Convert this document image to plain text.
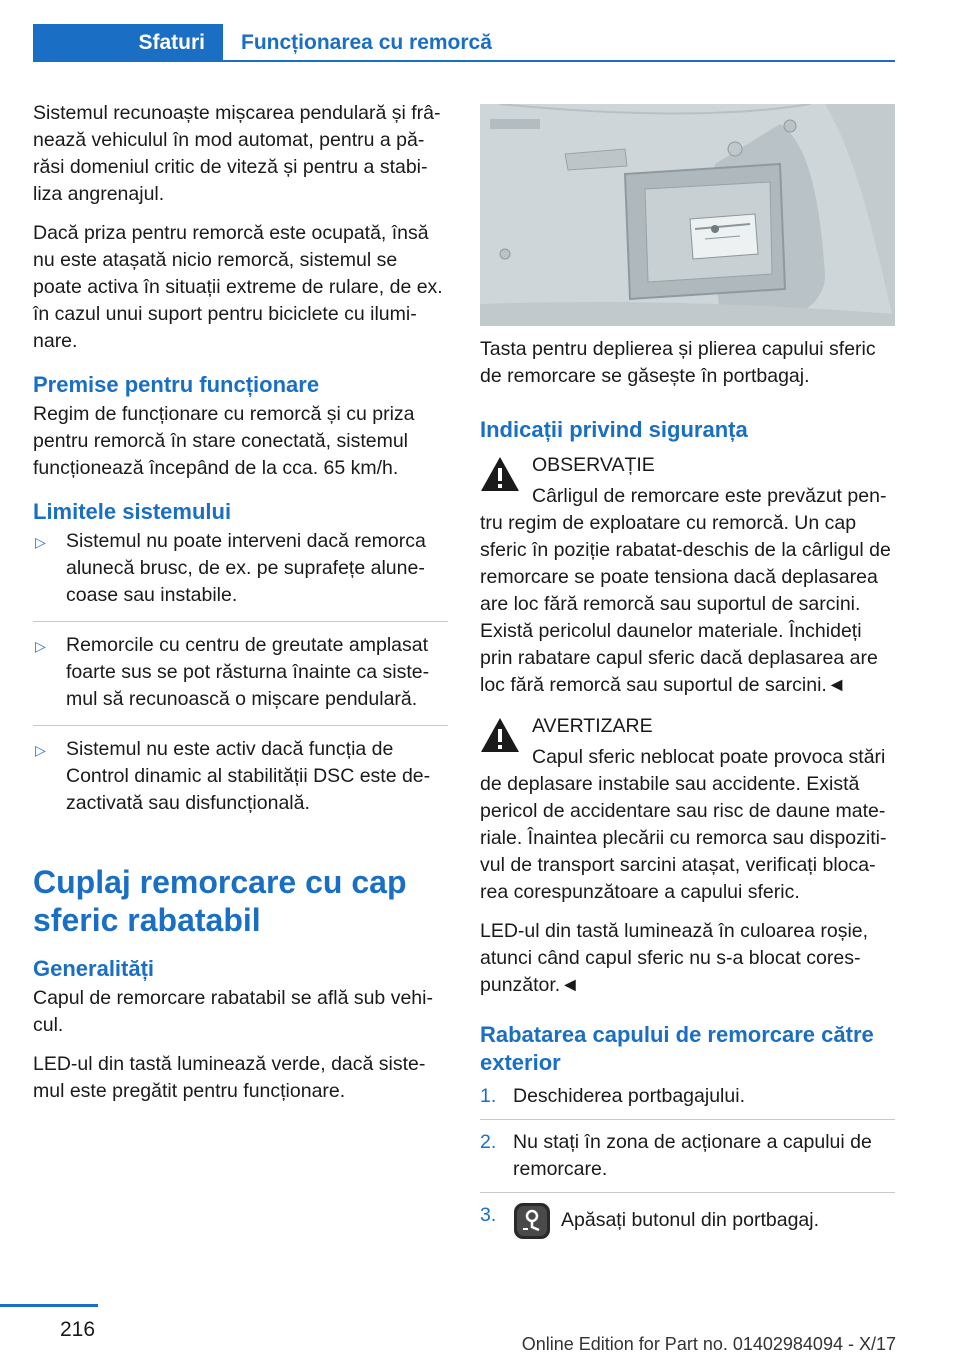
Sfaturi	Funcționarea cu remorcă

Sistemul recunoaște mișcarea pendulară și frânează vehiculul în mod automat, pentru a părăsi domeniul critic de viteză și pentru a stabiliza angrenajul.

Dacă priza pentru remorcă este ocupată, însă nu este atașată nicio remorcă, sistemul se poate activa în situații extreme de rulare, de ex. în cazul unui suport pentru biciclete cu iluminare.

Premise pentru funcționare

Regim de funcționare cu remorcă și cu priza pentru remorcă în stare conectată, sistemul funcționează începând de la cca. 65 km/h.

Limitele sistemului
▷ Sistemul nu poate interveni dacă remorca alunecă brusc, de ex. pe suprafețe alunecoase sau instabile.
▷ Remorcile cu centru de greutate amplasat foarte sus se pot răsturna înainte ca sistemul să recunoască o mișcare pendulară.
▷ Sistemul nu este activ dacă funcția de Control dinamic al stabilității DSC este dezactivată sau disfuncțională.
Cuplaj remorcare cu cap sferic rabatabil
Generalități

Capul de remorcare rabatabil se află sub vehicul.

LED-ul din tastă luminează verde, dacă sistemul este pregătit pentru funcționare.

Tasta pentru deplierea și plierea capului sferic de remorcare se găsește în portbagaj.

Indicații privind siguranța
OBSERVAȚIE

Cârligul de remorcare este prevăzut pentru regim de exploatare cu remorcă. Un cap sferic în poziție rabatat-deschis de la cârligul de remorcare se poate tensiona dacă deplasarea are loc fără remorcă sau suportul de sarcini. Există pericolul daunelor materiale. Închideți prin rabatare capul sferic dacă deplasarea are loc fără remorcă sau suportul de sarcini.◄

AVERTIZARE

Capul sferic neblocat poate provoca stări de deplasare instabile sau accidente. Există pericol de accidentare sau risc de daune materiale. Înaintea plecării cu remorca sau dispozitivul de transport sarcini atașat, verificați blocarea corespunzătoare a capului sferic.

LED-ul din tastă luminează în culoarea roșie, atunci când capul sferic nu s-a blocat corespunzător.◄

Rabatarea capului de remorcare către exterior
1. Deschiderea portbagajului.
2. Nu stați în zona de acționare a capului de remorcare.
3.	Apăsați butonul din portbagaj.
216
Online Edition for Part no. 01402984094 - X/17
